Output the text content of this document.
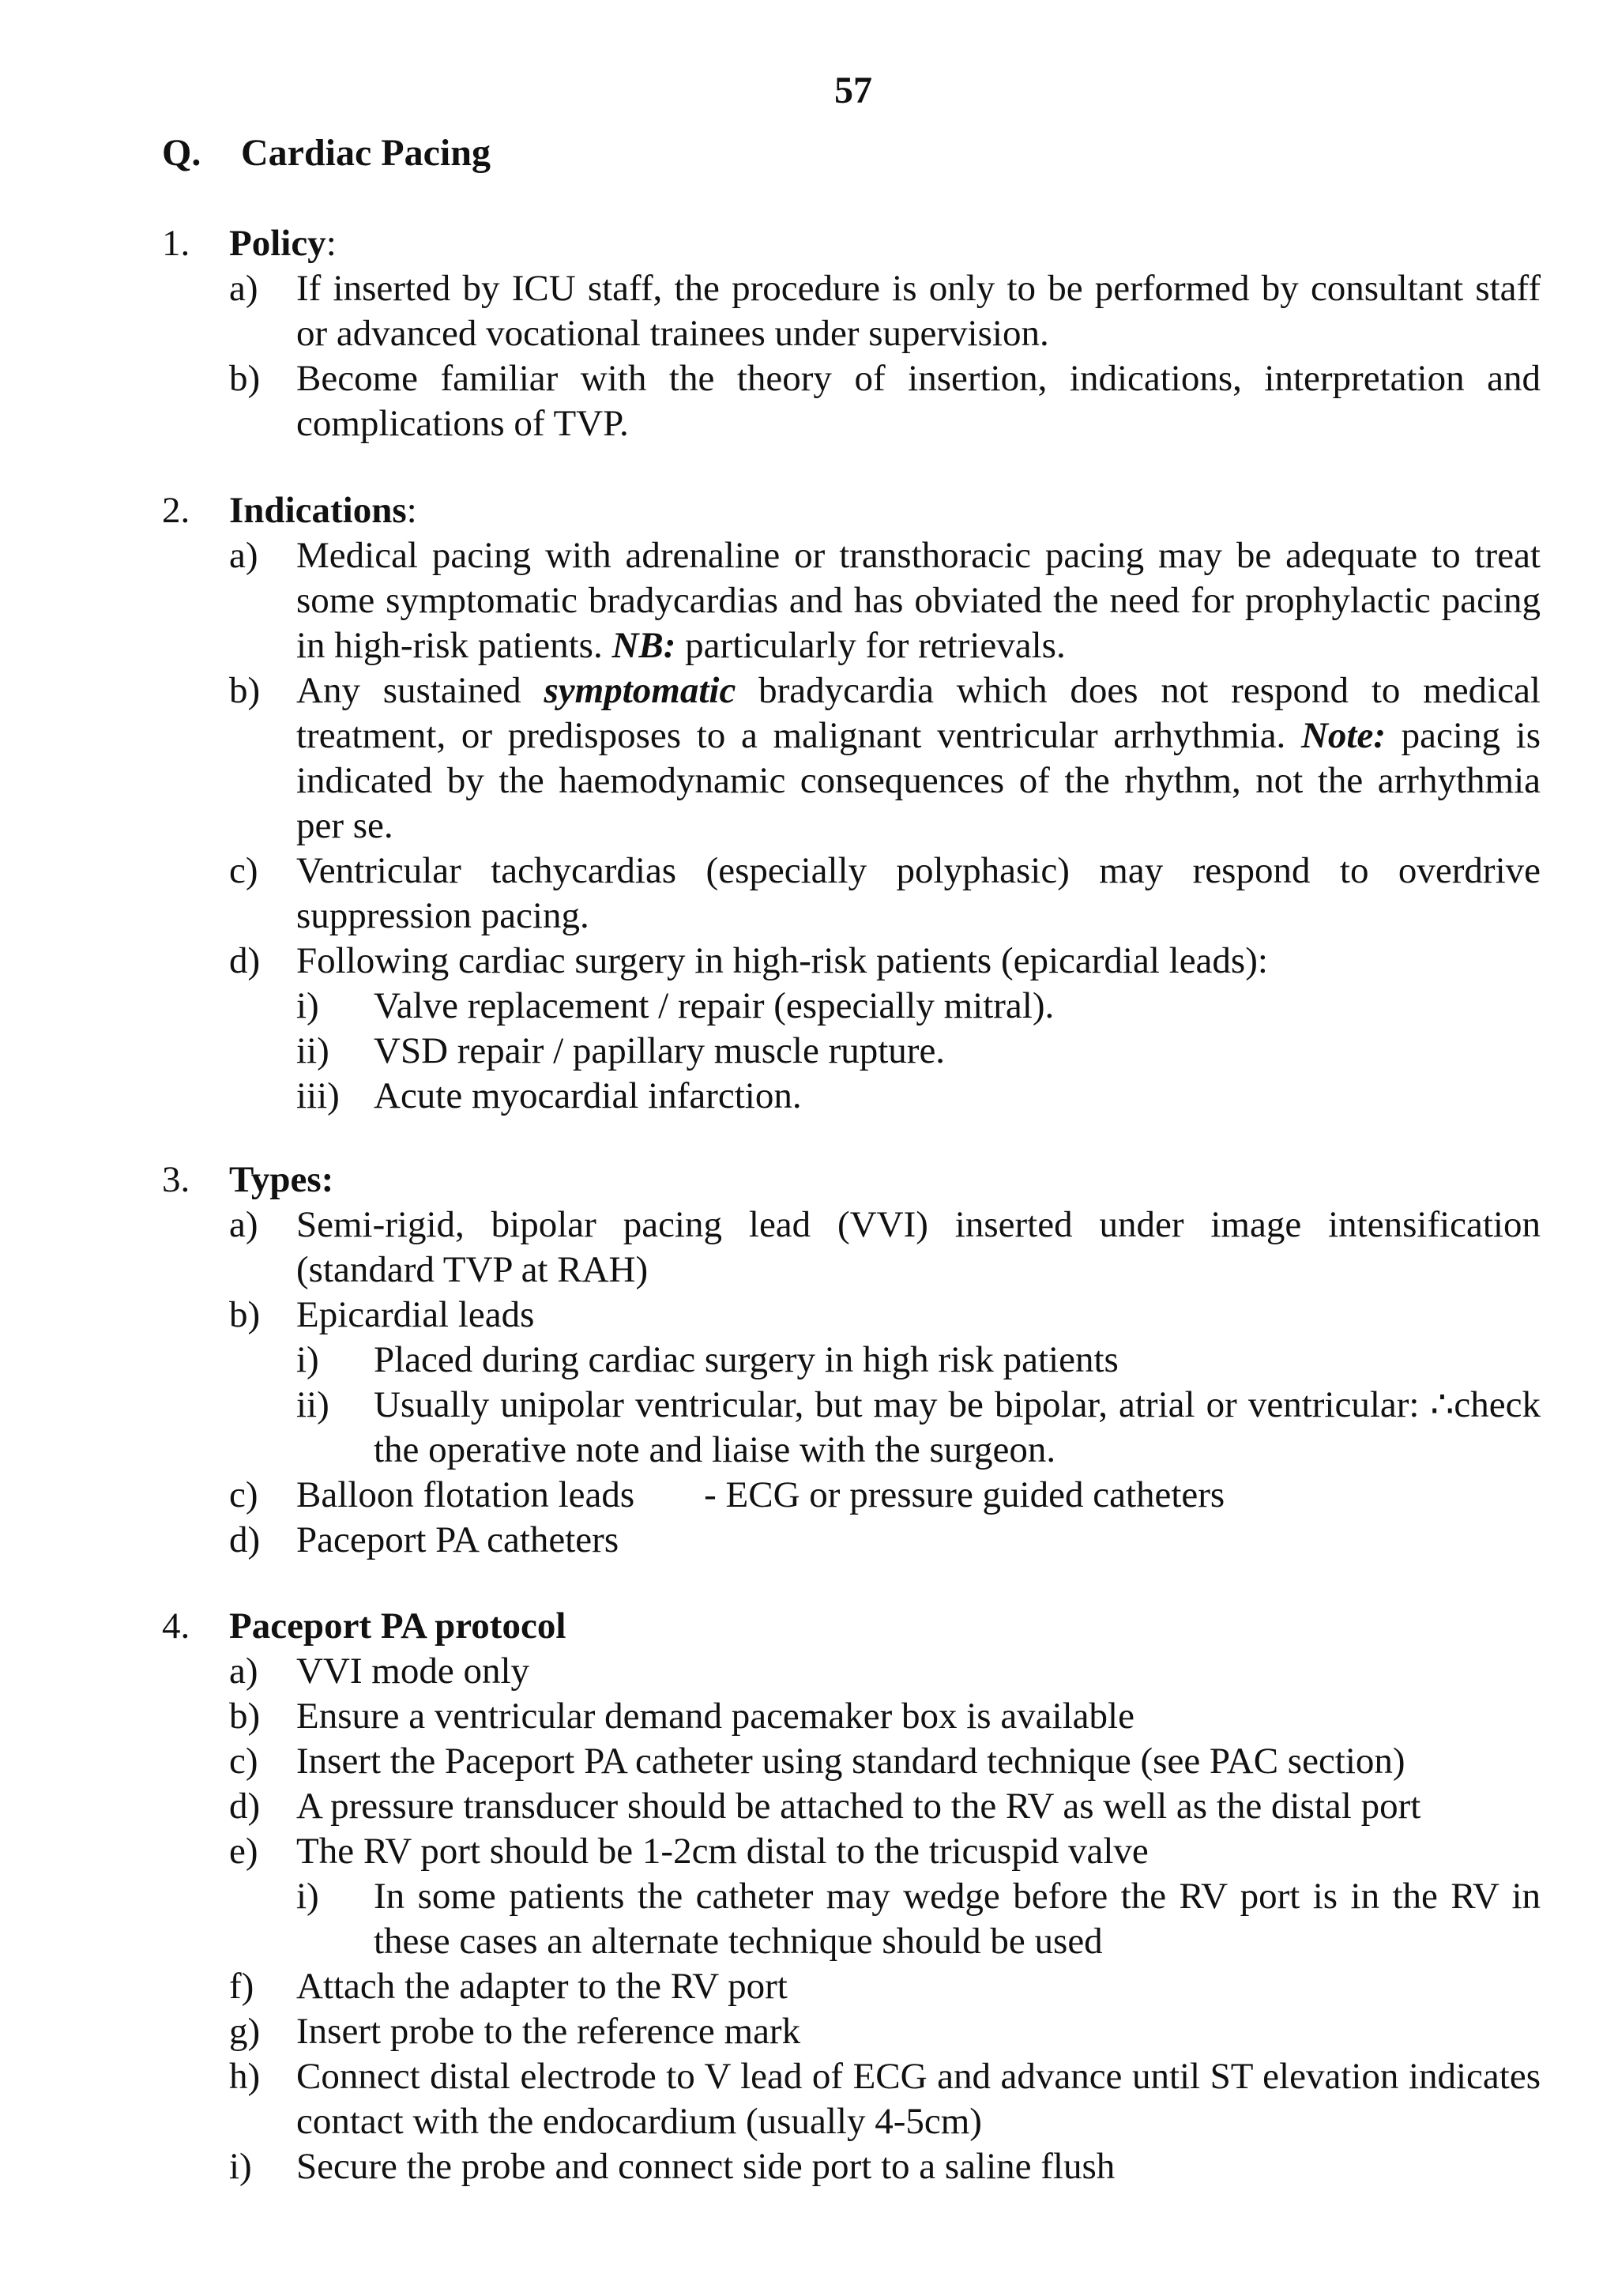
57
Q. Cardiac Pacing
1. Policy:
a) If inserted by ICU staff, the procedure is only to be performed by consultant staff or advanced vocational trainees under supervision.
b) Become familiar with the theory of insertion, indications, interpretation and complications of TVP.
2. Indications:
a) Medical pacing with adrenaline or transthoracic pacing may be adequate to treat some symptomatic bradycardias and has obviated the need for prophylactic pacing in high-risk patients. NB: particularly for retrievals.
b) Any sustained symptomatic bradycardia which does not respond to medical treatment, or predisposes to a malignant ventricular arrhythmia. Note: pacing is indicated by the haemodynamic consequences of the rhythm, not the arrhythmia per se.
c) Ventricular tachycardias (especially polyphasic) may respond to overdrive suppression pacing.
d) Following cardiac surgery in high-risk patients (epicardial leads):
i) Valve replacement / repair (especially mitral).
ii) VSD repair / papillary muscle rupture.
iii) Acute myocardial infarction.
3. Types:
a) Semi-rigid, bipolar pacing lead (VVI) inserted under image intensification (standard TVP at RAH)
b) Epicardial leads
i) Placed during cardiac surgery in high risk patients
ii) Usually unipolar ventricular, but may be bipolar, atrial or ventricular: ∴check the operative note and liaise with the surgeon.
c) Balloon flotation leads - ECG or pressure guided catheters
d) Paceport PA catheters
4. Paceport PA protocol
a) VVI mode only
b) Ensure a ventricular demand pacemaker box is available
c) Insert the Paceport PA catheter using standard technique (see PAC section)
d) A pressure transducer should be attached to the RV as well as the distal port
e) The RV port should be 1-2cm distal to the tricuspid valve
i) In some patients the catheter may wedge before the RV port is in the RV in these cases an alternate technique should be used
f) Attach the adapter to the RV port
g) Insert probe to the reference mark
h) Connect distal electrode to V lead of ECG and advance until ST elevation indicates contact with the endocardium (usually 4-5cm)
i) Secure the probe and connect side port to a saline flush
